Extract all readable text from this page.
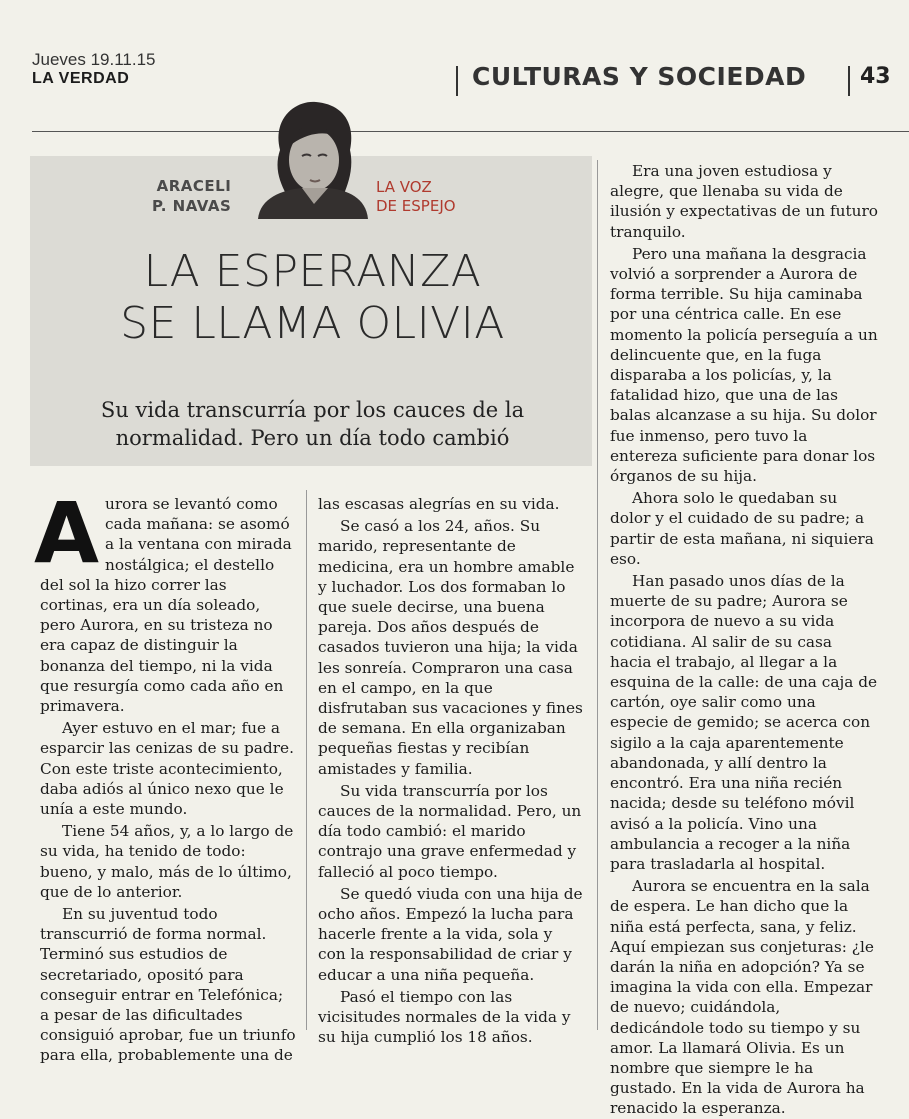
Jueves 19.11.15
LA VERDAD	CULTURAS Y SOCIEDAD 43
ARACELI
P. NAVAS
LA VOZ
DE ESPEJO
LA ESPERANZA
SE LLAMA OLIVIA
Su vida transcurría por los cauces de la normalidad. Pero un día todo cambió

Aurora se levantó como cada mañana: se asomó a la ventana con mirada nostálgica; el destello del sol la hizo correr las cortinas, era un día soleado, pero Aurora, en su tristeza no era capaz de distinguir la bonanza del tiempo, ni la vida que resurgía como cada año en primavera.

Ayer estuvo en el mar; fue a esparcir las cenizas de su padre. Con este triste acontecimiento, daba adiós al único nexo que le unía a este mundo.

Tiene 54 años, y, a lo largo de su vida, ha tenido de todo: bueno, y malo, más de lo último, que de lo anterior.

En su juventud todo transcurrió de forma normal. Terminó sus estudios de secretariado, opositó para conseguir entrar en Telefónica; a pesar de las dificultades consiguió aprobar, fue un triunfo para ella, probablemente una de

las escasas alegrías en su vida.

Se casó a los 24, años. Su marido, representante de medicina, era un hombre amable y luchador. Los dos formaban lo que suele decirse, una buena pareja. Dos años después de casados tuvieron una hija; la vida les sonreía. Compraron una casa en el campo, en la que disfrutaban sus vacaciones y fines de semana. En ella organizaban pequeñas fiestas y recibían amistades y familia.

Su vida transcurría por los cauces de la normalidad. Pero, un día todo cambió: el marido contrajo una grave enfermedad y falleció al poco tiempo.

Se quedó viuda con una hija de ocho años. Empezó la lucha para hacerle frente a la vida, sola y con la responsabilidad de criar y educar a una niña pequeña.

Pasó el tiempo con las vicisitudes normales de la vida y su hija cumplió los 18 años.

Era una joven estudiosa y alegre, que llenaba su vida de ilusión y expectativas de un futuro tranquilo.

Pero una mañana la desgracia volvió a sorprender a Aurora de forma terrible. Su hija caminaba por una céntrica calle. En ese momento la policía perseguía a un delincuente que, en la fuga disparaba a los policías, y, la fatalidad hizo, que una de las balas alcanzase a su hija. Su dolor fue inmenso, pero tuvo la entereza suficiente para donar los órganos de su hija.

Ahora solo le quedaban su dolor y el cuidado de su padre; a partir de esta mañana, ni siquiera eso.

Han pasado unos días de la muerte de su padre; Aurora se incorpora de nuevo a su vida cotidiana. Al salir de su casa hacia el trabajo, al llegar a la esquina de la calle: de una caja de cartón, oye salir como una especie de gemido; se acerca con sigilo a la caja aparentemente abandonada, y allí dentro la encontró. Era una niña recién nacida; desde su teléfono móvil avisó a la policía. Vino una ambulancia a recoger a la niña para trasladarla al hospital.

Aurora se encuentra en la sala de espera. Le han dicho que la niña está perfecta, sana, y feliz. Aquí empiezan sus conjeturas: ¿le darán la niña en adopción? Ya se imagina la vida con ella. Empezar de nuevo; cuidándola, dedicándole todo su tiempo y su amor. La llamará Olivia. Es un nombre que siempre le ha gustado. En la vida de Aurora ha renacido la esperanza.
